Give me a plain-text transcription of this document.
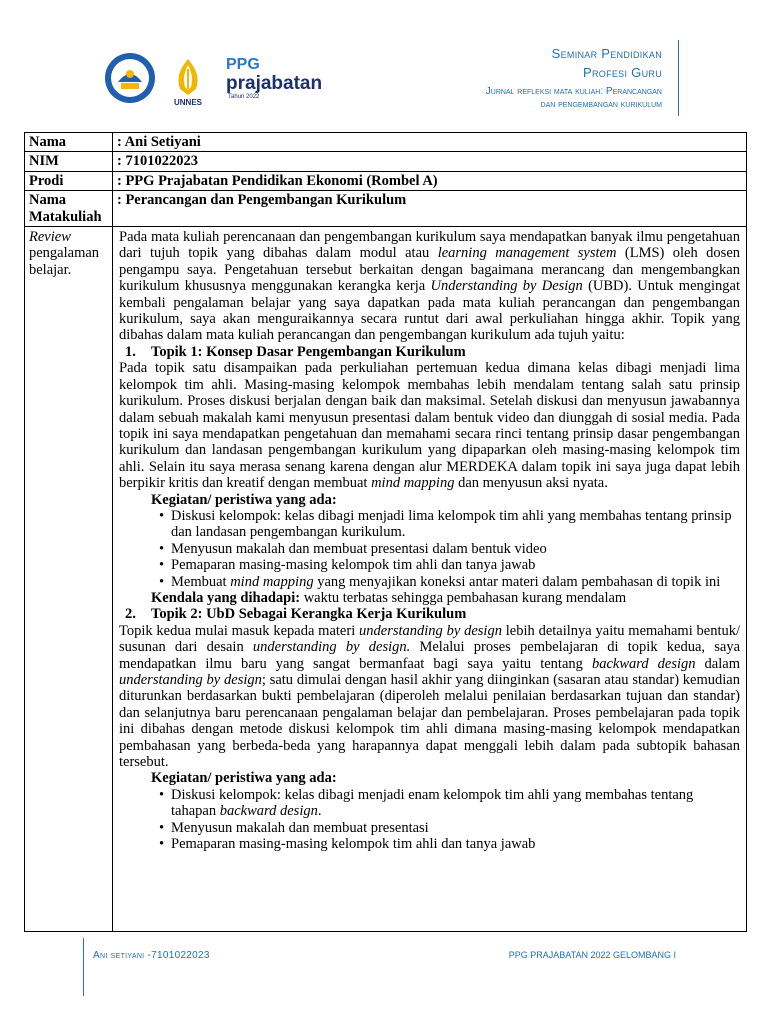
UNNES
PPG
prajabatan
Tahun 2022
Seminar Pendidikan
Profesi Guru
Jurnal refleksi mata kuliah: Perancangan
dan pengembangan kurikulum
Nama	: Ani Setiyani
NIM	: 7101022023
Prodi	: PPG Prajabatan Pendidikan Ekonomi (Rombel A)
Nama Matakuliah
: Perancangan dan Pengembangan Kurikulum
Review pengalaman belajar.

Pada mata kuliah perencanaan dan pengembangan kurikulum saya mendapatkan banyak ilmu pengetahuan dari tujuh topik yang dibahas dalam modul atau learning management system (LMS) oleh dosen pengampu saya. Pengetahuan tersebut berkaitan dengan bagaimana merancang dan mengembangkan kurikulum khususnya menggunakan kerangka kerja Understanding by Design (UBD). Untuk mengingat kembali pengalaman belajar yang saya dapatkan pada mata kuliah perancangan dan pengembangan kurikulum, saya akan menguraikannya secara runtut dari awal perkuliahan hingga akhir. Topik yang dibahas dalam mata kuliah perancangan dan pengembangan kurikulum ada tujuh yaitu:

1.	Topik 1: Konsep Dasar Pengembangan Kurikulum

Pada topik satu disampaikan pada perkuliahan pertemuan kedua dimana kelas dibagi menjadi lima kelompok tim ahli. Masing-masing kelompok membahas lebih mendalam tentang salah satu prinsip kurikulum. Proses diskusi berjalan dengan baik dan maksimal. Setelah diskusi dan menyusun jawabannya dalam sebuah makalah kami menyusun presentasi dalam bentuk video dan diunggah di sosial media. Pada topik ini saya mendapatkan pengetahuan dan memahami secara rinci tentang prinsip dasar pengembangan kurikulum dan landasan pengembangan kurikulum yang dipaparkan oleh masing-masing kelompok tim ahli. Selain itu saya merasa senang karena dengan alur MERDEKA dalam topik ini saya juga dapat lebih berpikir kritis dan kreatif dengan membuat mind mapping dan menyusun aksi nyata.

Kegiatan/ peristiwa yang ada:
• Diskusi kelompok: kelas dibagi menjadi lima kelompok tim ahli yang membahas tentang prinsip dan landasan pengembangan kurikulum.
• Menyusun makalah dan membuat presentasi dalam bentuk video
• Pemaparan masing-masing kelompok tim ahli dan tanya jawab
• Membuat mind mapping yang menyajikan koneksi antar materi dalam pembahasan di topik ini
Kendala yang dihadapi: waktu terbatas sehingga pembahasan kurang mendalam
2.	Topik 2: UbD Sebagai Kerangka Kerja Kurikulum

Topik kedua mulai masuk kepada materi understanding by design lebih detailnya yaitu memahami bentuk/ susunan dari desain understanding by design. Melalui proses pembelajaran di topik kedua, saya mendapatkan ilmu baru yang sangat bermanfaat bagi saya yaitu tentang backward design dalam understanding by design; satu dimulai dengan hasil akhir yang diinginkan (sasaran atau standar) kemudian diturunkan berdasarkan bukti pembelajaran (diperoleh melalui penilaian berdasarkan tujuan dan standar) dan selanjutnya baru perencanaan pengalaman belajar dan pembelajaran. Proses pembelajaran pada topik ini dibahas dengan metode diskusi kelompok tim ahli dimana masing-masing kelompok mendapatkan pembahasan yang berbeda-beda yang harapannya dapat menggali lebih dalam pada subtopik bahasan tersebut.

Kegiatan/ peristiwa yang ada:
• Diskusi kelompok: kelas dibagi menjadi enam kelompok tim ahli yang membahas tentang tahapan backward design.
• Menyusun makalah dan membuat presentasi
• Pemaparan masing-masing kelompok tim ahli dan tanya jawab
Ani setiyani -7101022023	PPG PRAJABATAN 2022 GELOMBANG I
